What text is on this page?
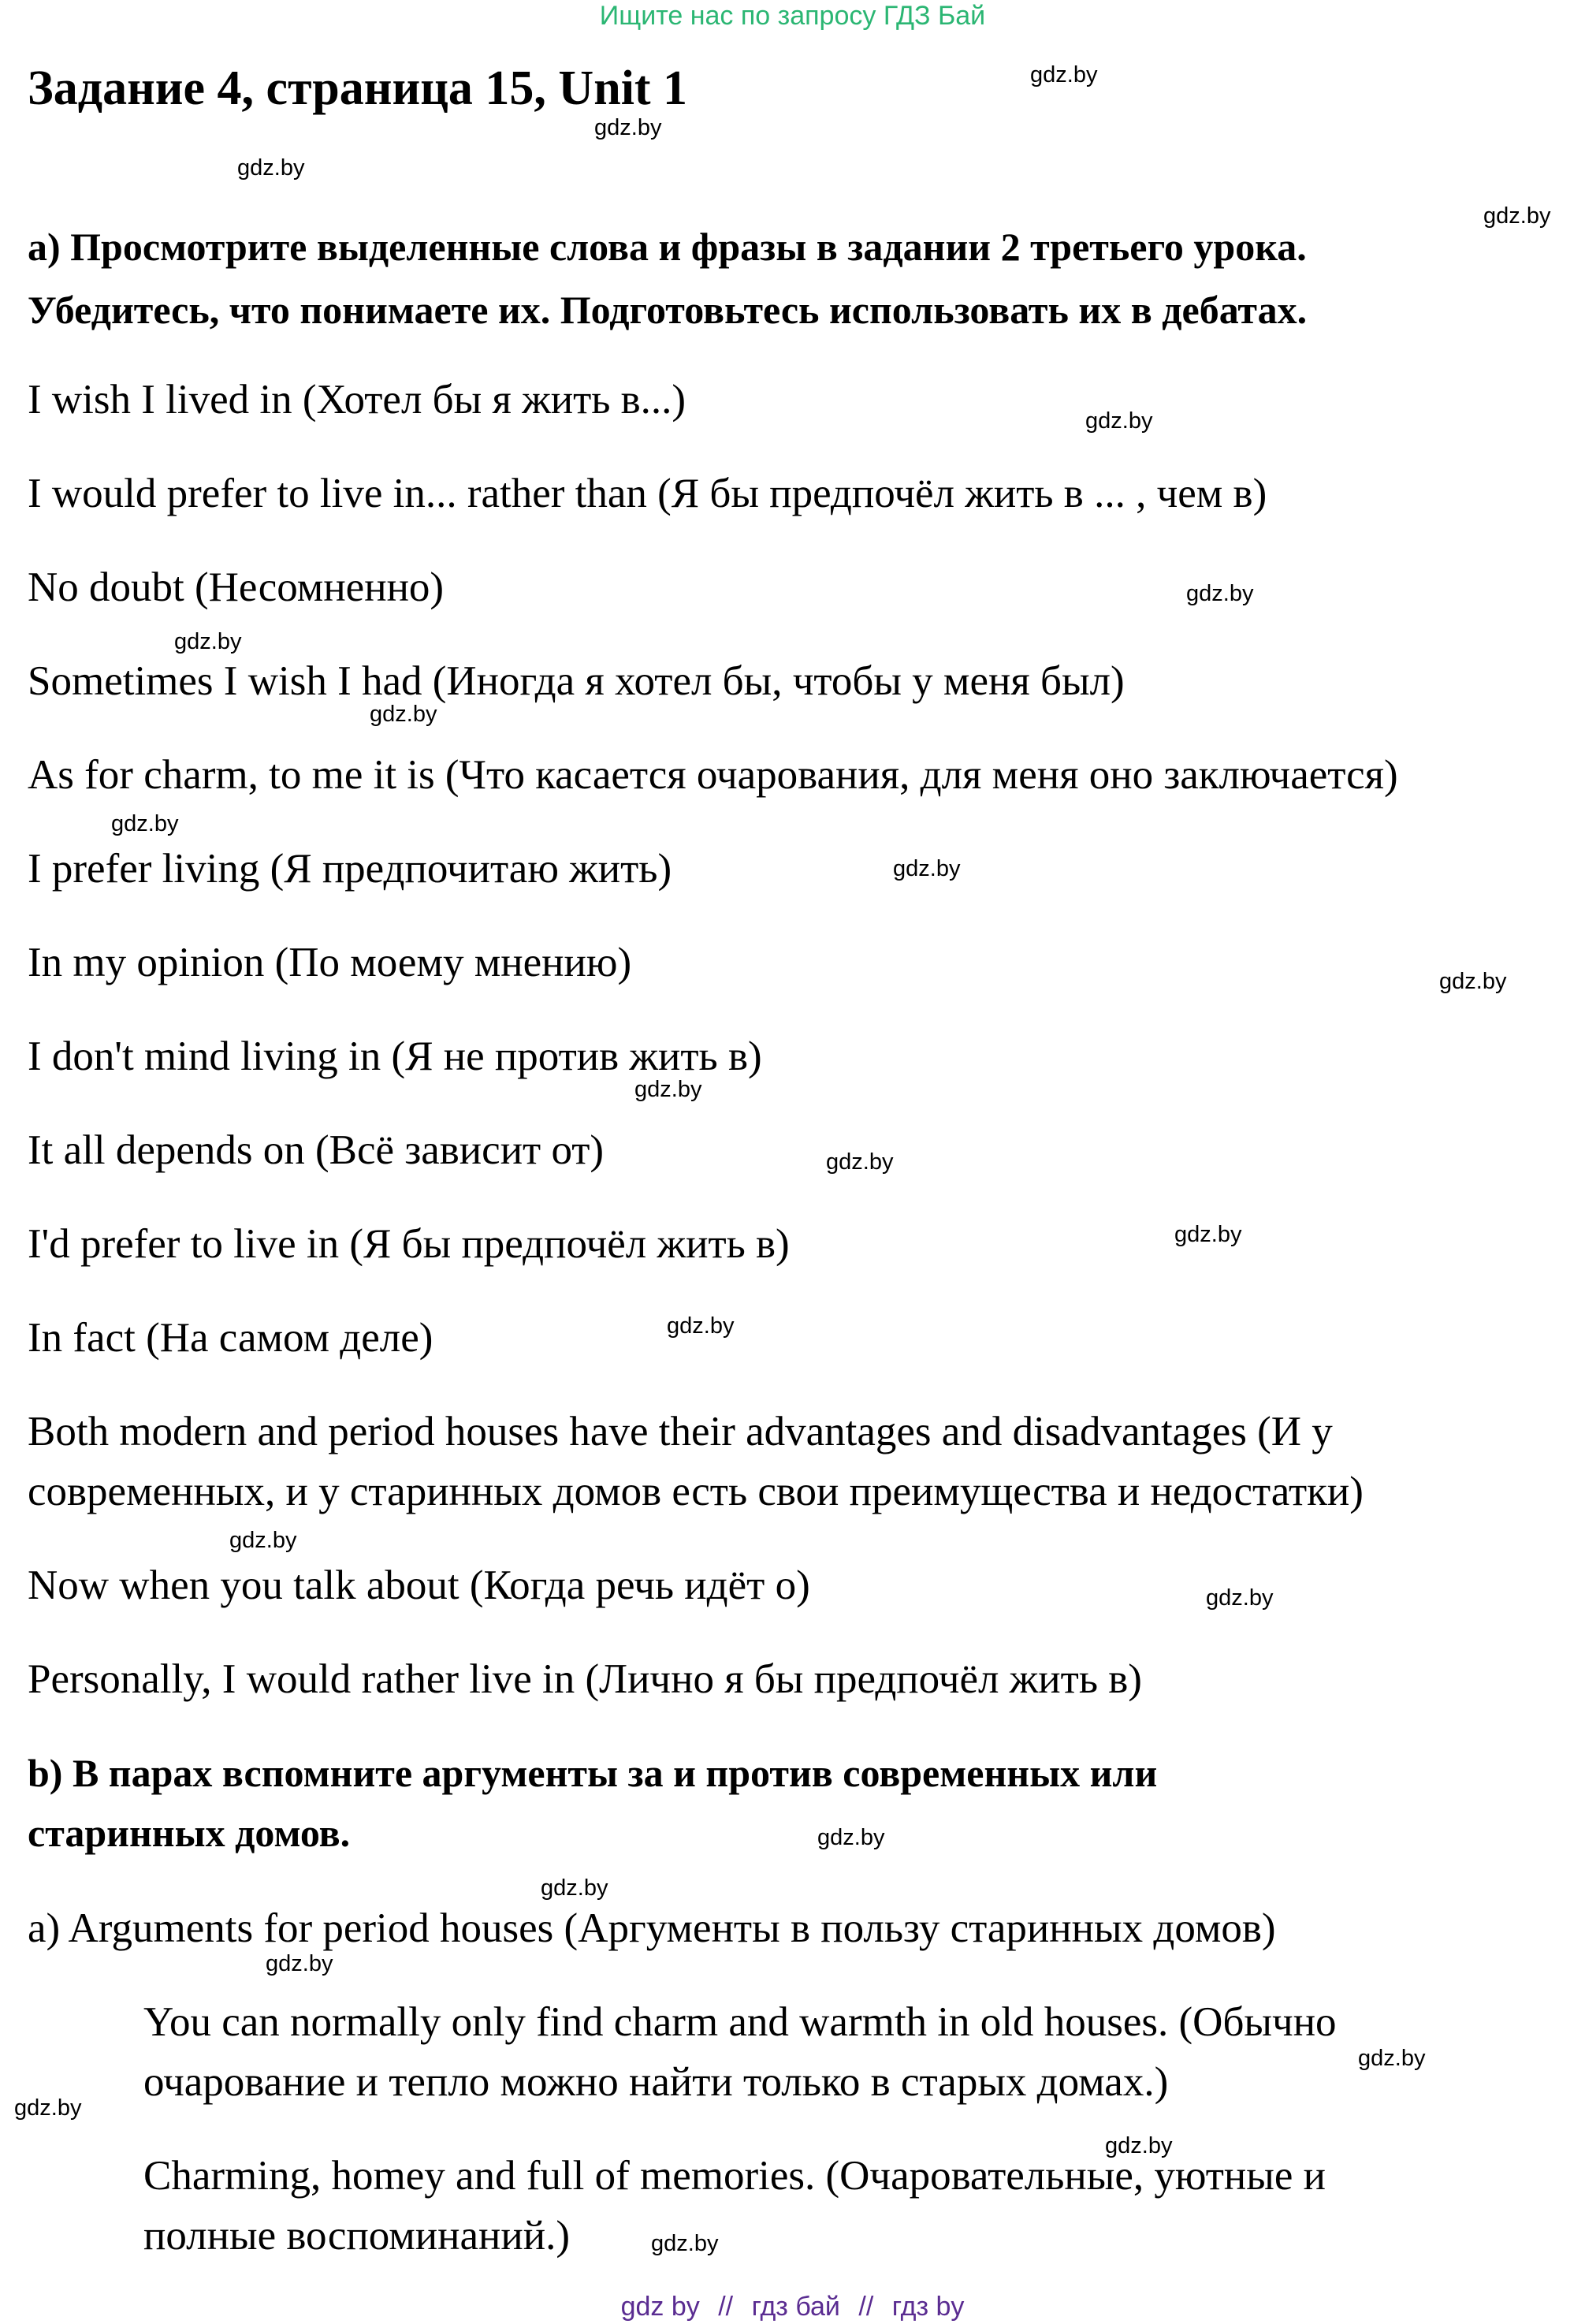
Ищите нас по запросу ГДЗ Бай
Задание 4, страница 15, Unit 1
a) Просмотрите выделенные слова и фразы в задании 2 третьего урока.
Убедитесь, что понимаете их. Подготовьтесь использовать их в дебатах.
I wish I lived in (Хотел бы я жить в...)
I would prefer to live in... rather than (Я бы предпочёл жить в ... , чем в)
No doubt (Несомненно)
Sometimes I wish I had (Иногда я хотел бы, чтобы у меня был)
As for charm, to me it is (Что касается очарования, для меня оно заключается)
I prefer living (Я предпочитаю жить)
In my opinion (По моему мнению)
I don't mind living in (Я не против жить в)
It all depends on (Всё зависит от)
I'd prefer to live in (Я бы предпочёл жить в)
In fact (На самом деле)
Both modern and period houses have their advantages and disadvantages (И у
современных, и у старинных домов есть свои преимущества и недостатки)
Now when you talk about (Когда речь идёт о)
Personally, I would rather live in (Лично я бы предпочёл жить в)
b) В парах вспомните аргументы за и против современных или
старинных домов.
a) Arguments for period houses (Аргументы в пользу старинных домов)
You can normally only find charm and warmth in old houses. (Обычно
очарование и тепло можно найти только в старых домах.)
Charming, homey and full of memories. (Очаровательные, уютные и
полные воспоминаний.)
gdz.by
gdz.by
gdz.by
gdz.by
gdz.by
gdz.by
gdz.by
gdz.by
gdz.by
gdz.by
gdz.by
gdz.by
gdz.by
gdz.by
gdz.by
gdz.by
gdz.by
gdz.by
gdz.by
gdz.by
gdz.by
gdz.by
gdz.by
gdz.by
gdz by // гдз бай // гдз by
